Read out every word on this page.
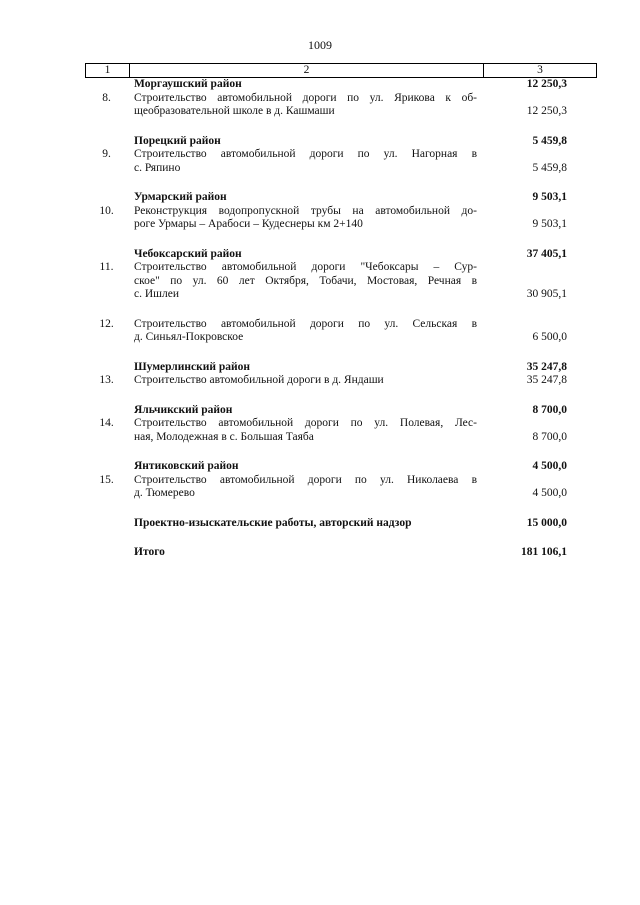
1009
1	2	3
Моргаушский район	12 250,3
8.	Строительство автомобильной дороги по ул. Ярикова к об-
щеобразовательной школе в д. Кашмаши	12 250,3
Порецкий район	5 459,8
9.	Строительство автомобильной дороги по ул. Нагорная в
с. Ряпино	5 459,8
Урмарский район	9 503,1
10.	Реконструкция водопропускной трубы на автомобильной до-
роге Урмары – Арабоси – Кудеснеры км 2+140	9 503,1
Чебоксарский район	37 405,1
11.	Строительство автомобильной дороги "Чебоксары – Сур-
ское" по ул. 60 лет Октября, Тобачи, Мостовая, Речная в
с. Ишлеи	30 905,1
12.	Строительство автомобильной дороги по ул. Сельская в
д. Синьял-Покровское	6 500,0
Шумерлинский район	35 247,8
13.	Строительство автомобильной дороги в д. Яндаши	35 247,8
Яльчикский район	8 700,0
14.	Строительство автомобильной дороги по ул. Полевая, Лес-
ная, Молодежная в с. Большая Таяба	8 700,0
Янтиковский район	4 500,0
15.	Строительство автомобильной дороги по ул. Николаева в
д. Тюмерево	4 500,0
Проектно-изыскательские работы, авторский надзор	15 000,0
Итого	181 106,1
